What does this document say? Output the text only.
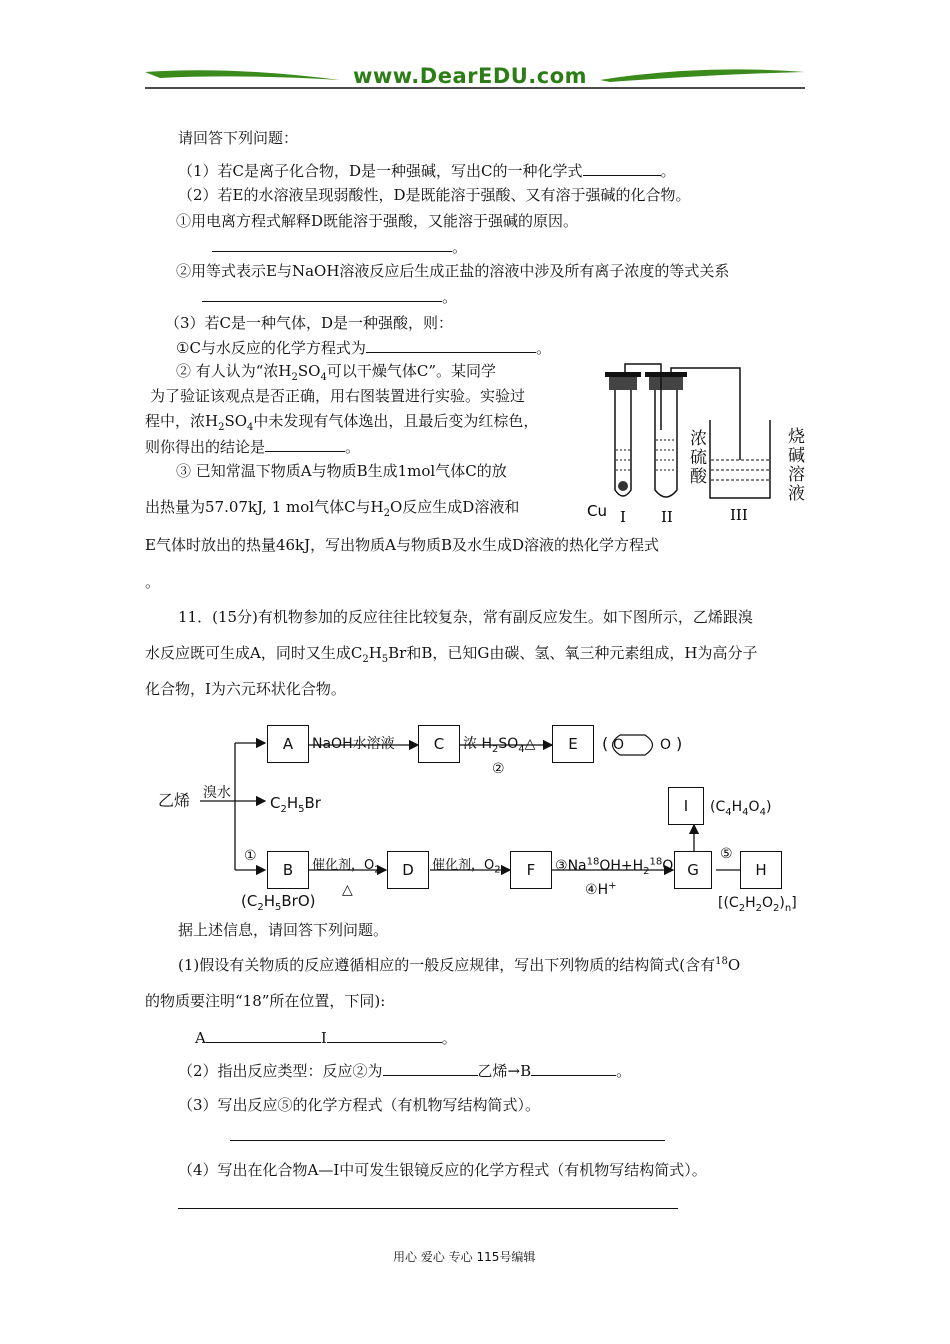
www.DearEDU.com
请回答下列问题：
（1）若C是离子化合物，D是一种强碱，写出C的一种化学式	。
（2）若E的水溶液呈现弱酸性，D是既能溶于强酸、又有溶于强碱的化合物。
①用电离方程式解释D既能溶于强酸，又能溶于强碱的原因。
。
②用等式表示E与NaOH溶液反应后生成正盐的溶液中涉及所有离子浓度的等式关系
。
（3）若C是一种气体，D是一种强酸，则：
①C与水反应的化学方程式为	。
② 有人认为“浓$H_2SO_4$可以干燥气体C”。某同学
为了验证该观点是否正确，用右图装置进行实验。实验过
程中，浓$H_2SO_4$中未发现有气体逸出，且最后变为红棕色，
则你得出的结论是	。
③ 已知常温下物质A与物质B生成1mol气体C的放
出热量为57.07kJ, 1 mol气体C与$H_2O$反应生成D溶液和
E气体时放出的热量46kJ，写出物质A与物质B及水生成D溶液的热化学方程式
。
Cu I II	III
浓硫酸
烧碱溶液
11．(15分)有机物参加的反应往往比较复杂，常有副反应发生。如下图所示，乙烯跟溴
水反应既可生成A，同时又生成$C_2H_5Br$和B，已知G由碳、氢、氧三种元素组成，H为高分子
化合物，I为六元环状化合物。
乙烯 溴水
A	C	E	( O	O )
NaOH水溶液	浓 $H_2SO_4\triangle$
②
$C_2H_5Br$	I	$(C_4H_4O_4)$
①
B
$(C_2H_5BrO)$
催化剂，$O_2$
△
D	催化剂，$O_2$	F	$③Na^{18}OH+H_2^{18}O$
④H+
G
⑤
H
$[(C_2H_2O_2)_n]$
据上述信息，请回答下列问题。
(1)假设有关物质的反应遵循相应的一般反应规律，写出下列物质的结构简式(含有$^{18}$O
的物质要注明“18”所在位置，下同):
A	I	。
（2）指出反应类型：反应②为	乙烯→B	。
（3）写出反应⑤的化学方程式（有机物写结构简式）。
（4）写出在化合物A—I中可发生银镜反应的化学方程式（有机物写结构简式）。
用心 爱心 专心 115号编辑
